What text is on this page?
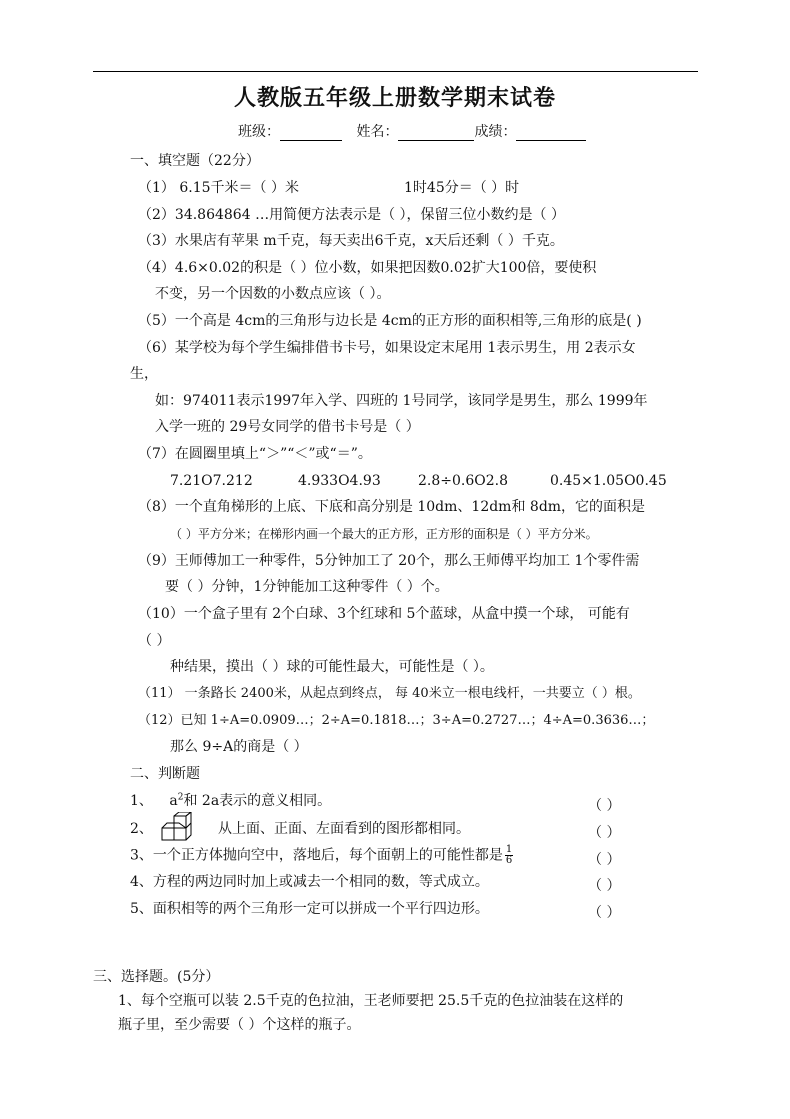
人教版五年级上册数学期末试卷
班级：	姓名：	成绩：
一、填空题（22分）
（1） 6.15千米＝（ ）米	1时45分＝（ ）时
（2）34.864864 …用简便方法表示是（ ），保留三位小数约是（ ）
（3）水果店有苹果 m千克，每天卖出6千克，x天后还剩（ ）千克。
（4）4.6×0.02的积是（ ）位小数，如果把因数0.02扩大100倍，要使积
不变，另一个因数的小数点应该（ ）。
（5）一个高是 4cm的三角形与边长是 4cm的正方形的面积相等,三角形的底是( )
（6）某学校为每个学生编排借书卡号，如果设定末尾用 1表示男生，用 2表示女
生，
如：974011表示1997年入学、四班的 1号同学，该同学是男生，那么 1999年
入学一班的 29号女同学的借书卡号是（ ）
（7）在圆圈里填上“＞”“＜”或“＝”。
7.21O7.212	4.933O4.93	2.8÷0.6O2.8	0.45×1.05O0.45
（8）一个直角梯形的上底、下底和高分别是 10dm、12dm和 8dm，它的面积是
（ ）平方分米；在梯形内画一个最大的正方形，正方形的面积是（ ）平方分米。
（9）王师傅加工一种零件，5分钟加工了 20个，那么王师傅平均加工 1个零件需
要（ ）分钟，1分钟能加工这种零件（ ）个。
（10）一个盒子里有 2个白球、3个红球和 5个蓝球，从盒中摸一个球， 可能有
（ ）
种结果，摸出（ ）球的可能性最大，可能性是（ ）。
（11） 一条路长 2400米，从起点到终点， 每 40米立一根电线杆，一共要立（ ）根。
（12）已知 1÷A=0.0909…；2÷A=0.1818…；3÷A=0.2727…；4÷A=0.3636…；
那么 9÷A的商是（ ）
二、判断题
1、 $a^2$和 2a表示的意义相同。	（ ）
2、	从上面、正面、左面看到的图形都相同。	（ ）
3、一个正方体抛向空中，落地后，每个面朝上的可能性都是 $\frac{1}{6}$	（ ）
4、方程的两边同时加上或减去一个相同的数，等式成立。	（ ）
5、面积相等的两个三角形一定可以拼成一个平行四边形。	（ ）
三、选择题。(5分）
1、每个空瓶可以装 2.5千克的色拉油，王老师要把 25.5千克的色拉油装在这样的
瓶子里，至少需要（ ）个这样的瓶子。
